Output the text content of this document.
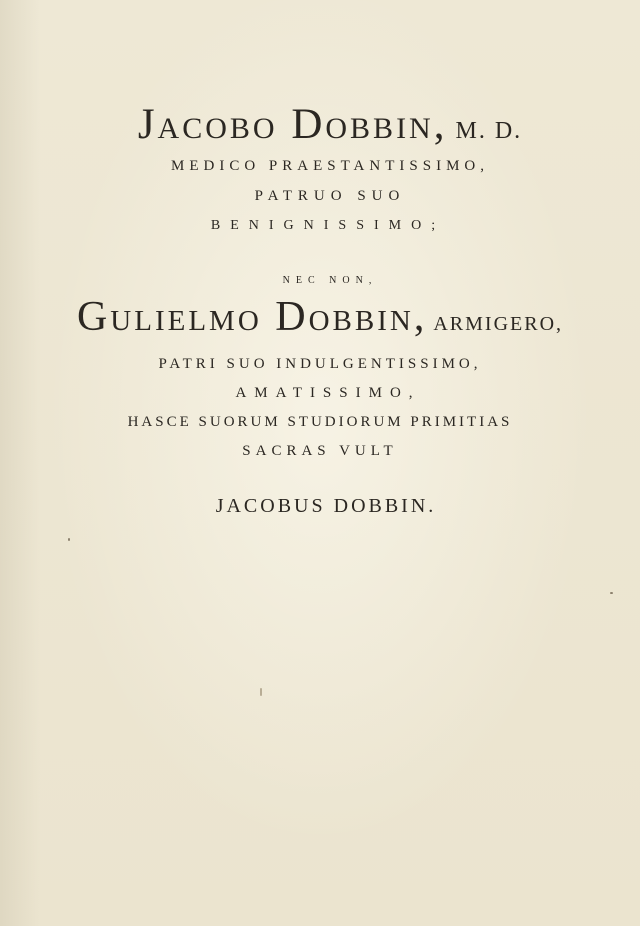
Jacobo Dobbin, M. D.
MEDICO PRAESTANTISSIMO,
PATRUO SUO
BENIGNISSIMO;
NEC NON,
Gulielmo Dobbin, ARMIGERO,
PATRI SUO INDULGENTISSIMO,
AMATISSIMO,
HASCE SUORUM STUDIORUM PRIMITIAS
SACRAS VULT
JACOBUS DOBBIN.
